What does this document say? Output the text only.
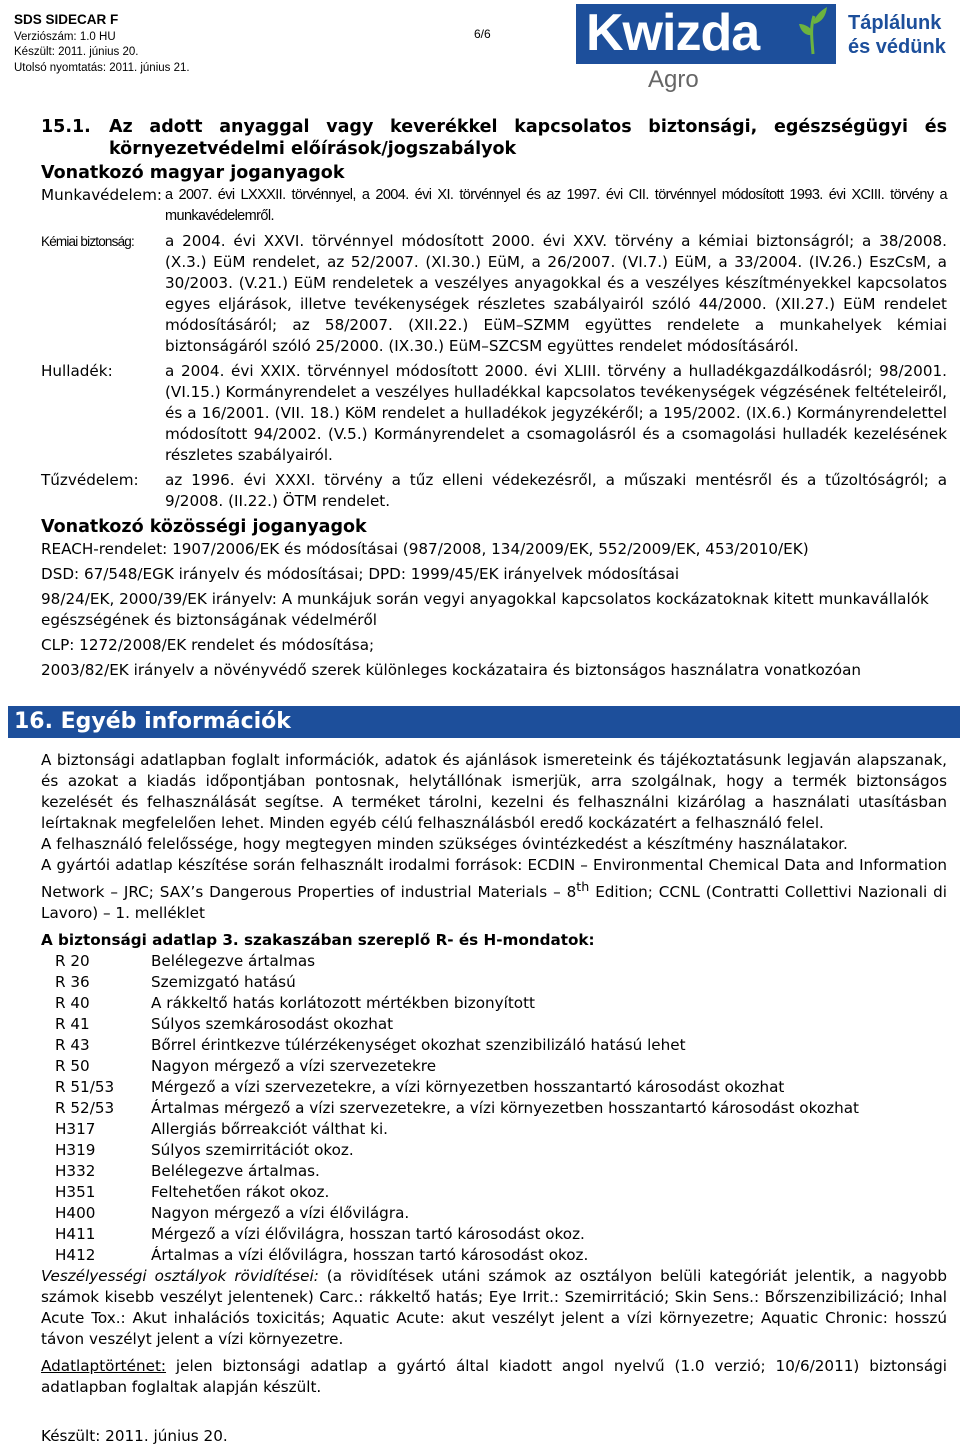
SDS SIDECAR F
Verziószám: 1.0 HU
Készült: 2011. június 20.
Utolsó nyomtatás: 2011. június 21.
6/6 Kwizda
Agro
Táplálunk
és védünk
15.1.	Az adott anyaggal vagy keverékkel kapcsolatos biztonsági, egészségügyi és környezetvédelmi előírások/jogszabályok
Vonatkozó magyar joganyagok
Munkavédelem: a 2007. évi LXXXII. törvénnyel, a 2004. évi XI. törvénnyel és az 1997. évi CII. törvénnyel módosított 1993. évi XCIII. törvény a munkavédelemről.
Kémiai biztonság:	a 2004. évi XXVI. törvénnyel módosított 2000. évi XXV. törvény a kémiai biztonságról; a 38/2008. (X.3.) EüM rendelet, az 52/2007. (XI.30.) EüM, a 26/2007. (VI.7.) EüM, a 33/2004. (IV.26.) EszCsM, a 30/2003. (V.21.) EüM rendeletek a veszélyes anyagokkal és a veszélyes készítményekkel kapcsolatos egyes eljárások, illetve tevékenységek részletes szabályairól szóló 44/2000. (XII.27.) EüM rendelet módosításáról; az 58/2007. (XII.22.) EüM–SZMM együttes rendelete a munkahelyek kémiai biztonságáról szóló 25/2000. (IX.30.) EüM–SZCSM együttes rendelet módosításáról.
Hulladék:	a 2004. évi XXIX. törvénnyel módosított 2000. évi XLIII. törvény a hulladékgazdálkodásról; 98/2001.(VI.15.) Kormányrendelet a veszélyes hulladékkal kapcsolatos tevékenységek végzésének feltételeiről, és a 16/2001. (VII. 18.) KöM rendelet a hulladékok jegyzékéről; a 195/2002. (IX.6.) Kormányrendelettel módosított 94/2002. (V.5.) Kormányrendelet a csomagolásról és a csomagolási hulladék kezelésének részletes szabályairól.
Tűzvédelem:	az 1996. évi XXXI. törvény a tűz elleni védekezésről, a műszaki mentésről és a tűzoltóságról; a 9/2008. (II.22.) ÖTM rendelet.
Vonatkozó közösségi joganyagok

REACH-rendelet: 1907/2006/EK és módosításai (987/2008, 134/2009/EK, 552/2009/EK, 453/2010/EK)

DSD: 67/548/EGK irányelv és módosításai; DPD: 1999/45/EK irányelvek módosításai

98/24/EK, 2000/39/EK irányelv: A munkájuk során vegyi anyagokkal kapcsolatos kockázatoknak kitett munkavállalók egészségének és biztonságának védelméről

CLP: 1272/2008/EK rendelet és módosítása;

2003/82/EK irányelv a növényvédő szerek különleges kockázataira és biztonságos használatra vonatkozóan

16. Egyéb információk

A biztonsági adatlapban foglalt információk, adatok és ajánlások ismereteink és tájékoztatásunk legjaván alapszanak, és azokat a kiadás időpontjában pontosnak, helytállónak ismerjük, arra szolgálnak, hogy a termék biztonságos kezelését és felhasználását segítse. A terméket tárolni, kezelni és felhasználni kizárólag a használati utasításban leírtaknak megfelelően lehet. Minden egyéb célú felhasználásból eredő kockázatért a felhasználó felel.

A felhasználó felelőssége, hogy megtegyen minden szükséges óvintézkedést a készítmény használatakor.

A gyártói adatlap készítése során felhasznált irodalmi források: ECDIN – Environmental Chemical Data and Information Network – JRC; SAX’s Dangerous Properties of industrial Materials – 8th Edition; CCNL (Contratti Collettivi Nazionali di Lavoro) – 1. melléklet

A biztonsági adatlap 3. szakaszában szereplő R- és H-mondatok:

R 20	Belélegezve ártalmas
R 36	Szemizgató hatású
R 40	A rákkeltő hatás korlátozott mértékben bizonyított
R 41	Súlyos szemkárosodást okozhat
R 43	Bőrrel érintkezve túlérzékenységet okozhat szenzibilizáló hatású lehet
R 50	Nagyon mérgező a vízi szervezetekre
R 51/53	Mérgező a vízi szervezetekre, a vízi környezetben hosszantartó károsodást okozhat
R 52/53	Ártalmas mérgező a vízi szervezetekre, a vízi környezetben hosszantartó károsodást okozhat
H317	Allergiás bőrreakciót válthat ki.
H319	Súlyos szemirritációt okoz.
H332	Belélegezve ártalmas.
H351	Feltehetően rákot okoz.
H400	Nagyon mérgező a vízi élővilágra.
H411	Mérgező a vízi élővilágra, hosszan tartó károsodást okoz.
H412	Ártalmas a vízi élővilágra, hosszan tartó károsodást okoz.

Veszélyességi osztályok rövidítései: (a rövidítések utáni számok az osztályon belüli kategóriát jelentik, a nagyobb számok kisebb veszélyt jelentenek) Carc.: rákkeltő hatás; Eye Irrit.: Szemirritáció; Skin Sens.: Bőrszenzibilizáció; Inhal Acute Tox.: Akut inhalációs toxicitás; Aquatic Acute: akut veszélyt jelent a vízi környezetre; Aquatic Chronic: hosszú távon veszélyt jelent a vízi környezetre.

Adatlaptörténet: jelen biztonsági adatlap a gyártó által kiadott angol nyelvű (1.0 verzió; 10/6/2011) biztonsági adatlapban foglaltak alapján készült.

Készült: 2011. június 20.
